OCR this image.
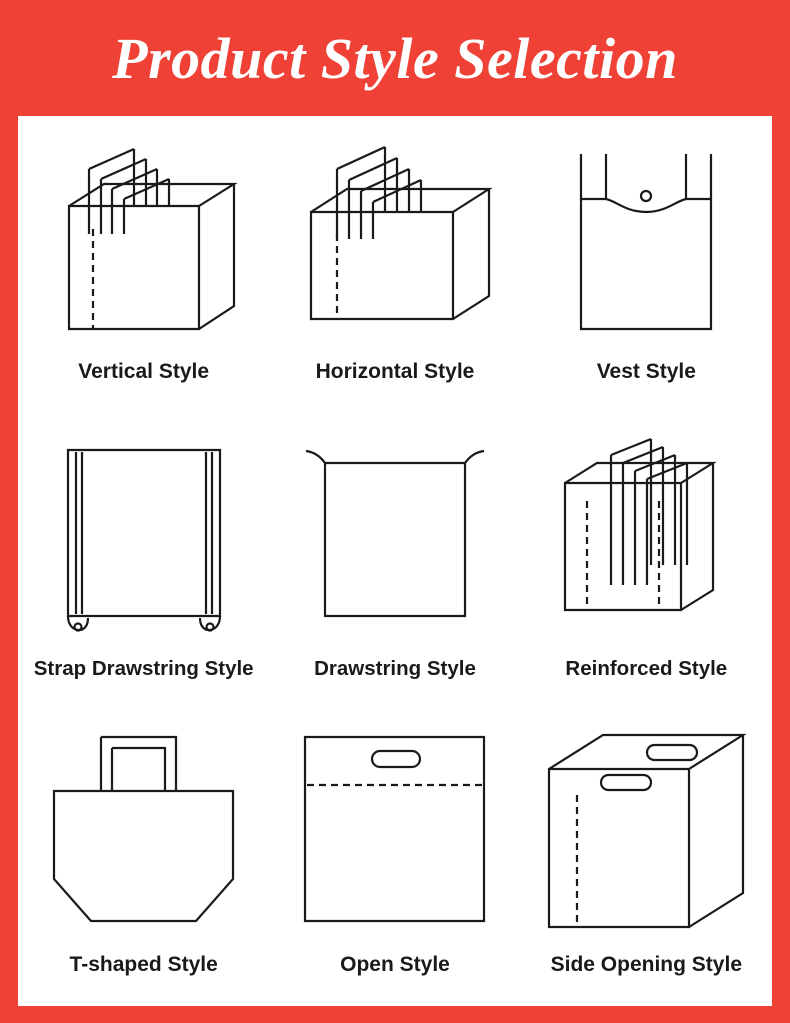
Product Style Selection
Vertical Style	Horizontal Style	Vest Style
Strap Drawstring Style	Drawstring Style	Reinforced Style
T-shaped Style	Open Style	Side Opening Style
